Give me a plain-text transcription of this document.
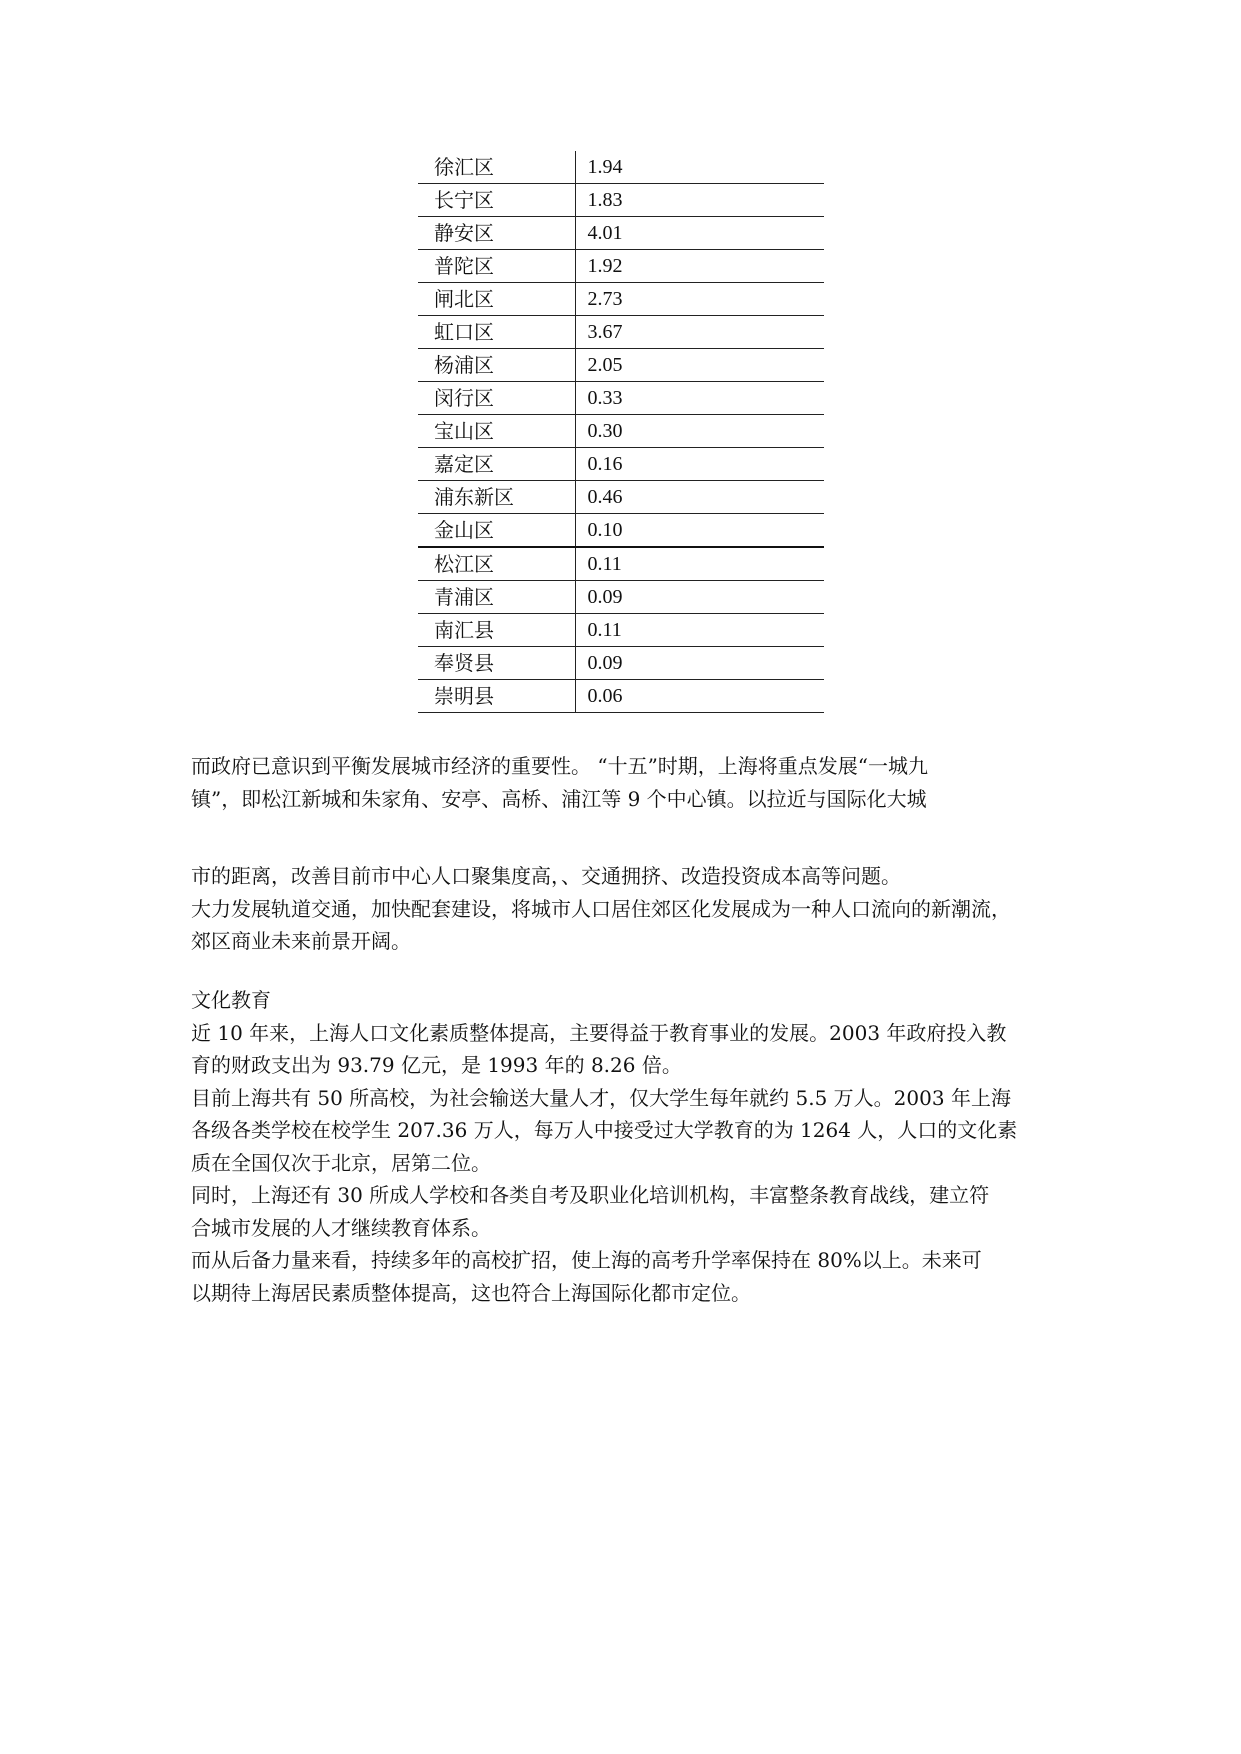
徐汇区	1.94
长宁区	1.83
静安区	4.01
普陀区	1.92
闸北区	2.73
虹口区	3.67
杨浦区	2.05
闵行区	0.33
宝山区	0.30
嘉定区	0.16
浦东新区	0.46
金山区	0.10
松江区	0.11
青浦区	0.09
南汇县	0.11
奉贤县	0.09
崇明县	0.06

而政府已意识到平衡发展城市经济的重要性。 “十五”时期，上海将重点发展“一城九
镇”，即松江新城和朱家角、安亭、高桥、浦江等 9 个中心镇。以拉近与国际化大城

市的距离，改善目前市中心人口聚集度高，、交通拥挤、改造投资成本高等问题。
大力发展轨道交通，加快配套建设，将城市人口居住郊区化发展成为一种人口流向的新潮流，
郊区商业未来前景开阔。

文化教育
近 10 年来，上海人口文化素质整体提高，主要得益于教育事业的发展。2003 年政府投入教
育的财政支出为 93.79 亿元，是 1993 年的 8.26 倍。
目前上海共有 50 所高校，为社会输送大量人才，仅大学生每年就约 5.5 万人。2003 年上海
各级各类学校在校学生 207.36 万人，每万人中接受过大学教育的为 1264 人，人口的文化素
质在全国仅次于北京，居第二位。
同时，上海还有 30 所成人学校和各类自考及职业化培训机构，丰富整条教育战线，建立符
合城市发展的人才继续教育体系。
而从后备力量来看，持续多年的高校扩招，使上海的高考升学率保持在 80%以上。未来可
以期待上海居民素质整体提高，这也符合上海国际化都市定位。
